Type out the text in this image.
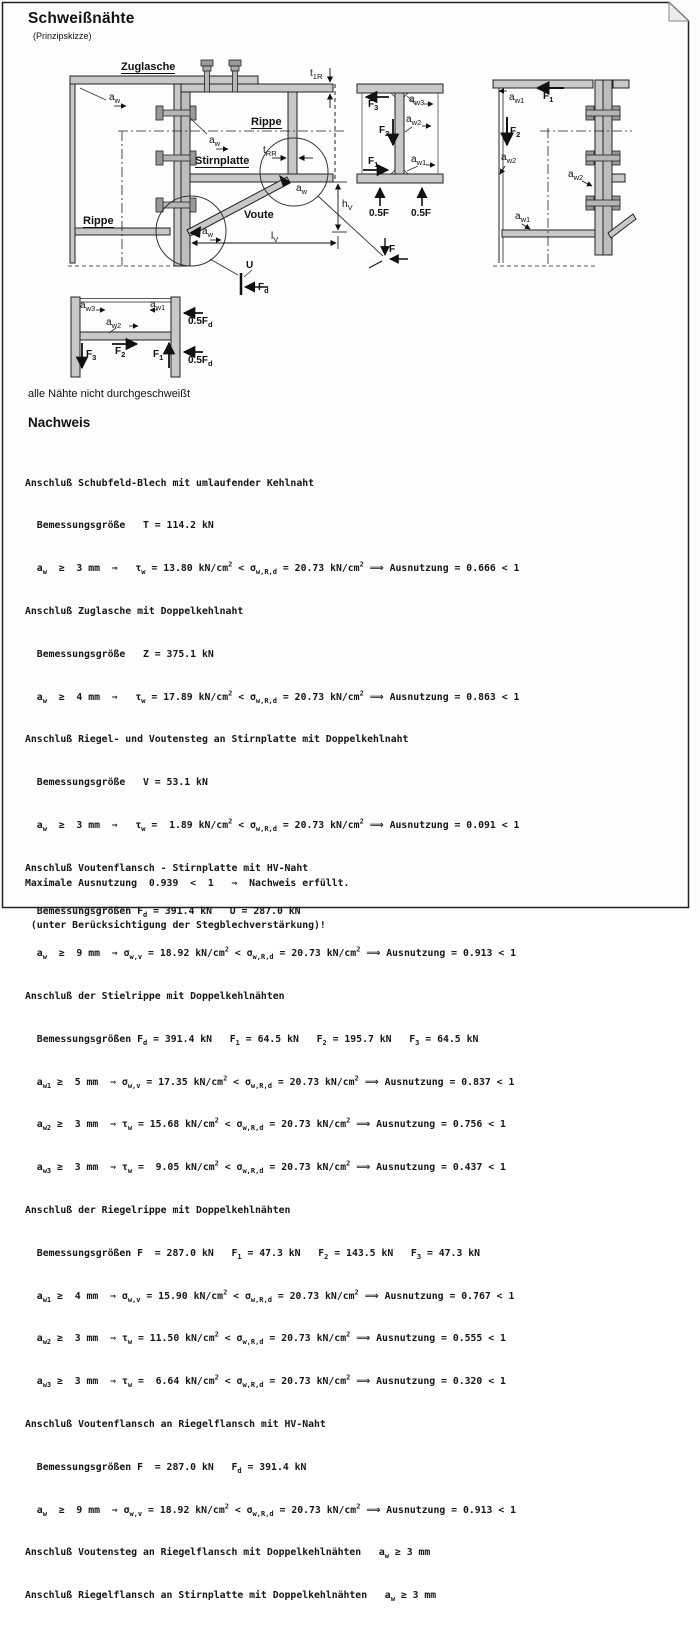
Schweißnähte
(Prinzipskizze)
Zuglasche
$t_{1R}$
$a_w$
Rippe
$t_{RR}$
$a_w$
Stirnplatte
Voute
Rippe
$a_w$
$a_w$
$h_V$
$l_V$
U
$F_d$
F
$F_3$
$a_{w3}$
$F_2$
$a_{w2}$
$F_1$	$a_{w1}$
0.5F 0.5F
$a_{w1}$ $F_1$
$F_2$
$a_{w2}$
$a_{w2}$
$a_{w1}$
$a_{w3}$	$a_{w1}$
$a_{w2}$	$0.5F_d$
$F_2$
$F_3$	$F_1$ $0.5F_d$
alle Nähte nicht durchgeschweißt
Nachweis

Anschluß Schubfeld-Blech mit umlaufender Kehlnaht

Bemessungsgröße   T = 114.2 kN

$a_w \ge 3$ mm  ⇒   $\tau_w = 13.80$ $kN/cm^2 < \sigma_{w,R,d} = 20.73$ $kN/cm^2$ ⟹ Ausnutzung = 0.666 < 1

Anschluß Zuglasche mit Doppelkehlnaht

Bemessungsgröße   Z = 375.1 kN

$a_w \ge 4$ mm  ⇒   $\tau_w = 17.89$ $kN/cm^2 < \sigma_{w,R,d} = 20.73$ $kN/cm^2$ ⟹ Ausnutzung = 0.863 < 1

Anschluß Riegel- und Voutensteg an Stirnplatte mit Doppelkehlnaht

Bemessungsgröße   V = 53.1 kN

$a_w \ge 3$ mm  ⇒   $\tau_w = 1.89$ $kN/cm^2 < \sigma_{w,R,d} = 20.73$ $kN/cm^2$ ⟹ Ausnutzung = 0.091 < 1

Anschluß Voutenflansch - Stirnplatte mit HV-Naht

Bemessungsgrößen $F_d = 391.4$ kN   U = 287.0 kN

$a_w \ge 9$ mm  ⇒ $\sigma_{w,v} = 18.92$ $kN/cm^2 < \sigma_{w,R,d} = 20.73$ $kN/cm^2$ ⟹ Ausnutzung = 0.913 < 1

Anschluß der Stielrippe mit Doppelkehlnähten

Bemessungsgrößen $F_d = 391.4$ kN   $F_1 = 64.5$ kN   $F_2 = 195.7$ kN   $F_3 = 64.5$ kN

$a_{w1} \ge 5$ mm  ⇒ $\sigma_{w,v} = 17.35$ $kN/cm^2 < \sigma_{w,R,d} = 20.73$ $kN/cm^2$ ⟹ Ausnutzung = 0.837 < 1

$a_{w2} \ge 3$ mm  ⇒ $\tau_w = 15.68$ $kN/cm^2 < \sigma_{w,R,d} = 20.73$ $kN/cm^2$ ⟹ Ausnutzung = 0.756 < 1

$a_{w3} \ge 3$ mm  ⇒ $\tau_w = 9.05$ $kN/cm^2 < \sigma_{w,R,d} = 20.73$ $kN/cm^2$ ⟹ Ausnutzung = 0.437 < 1

Anschluß der Riegelrippe mit Doppelkehlnähten

Bemessungsgrößen F  = 287.0 kN   $F_1 = 47.3$ kN   $F_2 = 143.5$ kN   $F_3 = 47.3$ kN

$a_{w1} \ge 4$ mm  ⇒ $\sigma_{w,v} = 15.90$ $kN/cm^2 < \sigma_{w,R,d} = 20.73$ $kN/cm^2$ ⟹ Ausnutzung = 0.767 < 1

$a_{w2} \ge 3$ mm  ⇒ $\tau_w = 11.50$ $kN/cm^2 < \sigma_{w,R,d} = 20.73$ $kN/cm^2$ ⟹ Ausnutzung = 0.555 < 1

$a_{w3} \ge 3$ mm  ⇒ $\tau_w = 6.64$ $kN/cm^2 < \sigma_{w,R,d} = 20.73$ $kN/cm^2$ ⟹ Ausnutzung = 0.320 < 1

Anschluß Voutenflansch an Riegelflansch mit HV-Naht

Bemessungsgrößen F  = 287.0 kN   $F_d = 391.4$ kN

$a_w \ge 9$ mm  ⇒ $\sigma_{w,v} = 18.92$ $kN/cm^2 < \sigma_{w,R,d} = 20.73$ $kN/cm^2$ ⟹ Ausnutzung = 0.913 < 1

Anschluß Voutensteg an Riegelflansch mit Doppelkehlnähten   $a_w \ge 3$ mm

Anschluß Riegelflansch an Stirnplatte mit Doppelkehlnähten   $a_w \ge 3$ mm

Maximale Ausnutzung  0.939  <  1   ⇒  Nachweis erfüllt.

(unter Berücksichtigung der Stegblechverstärkung)!
